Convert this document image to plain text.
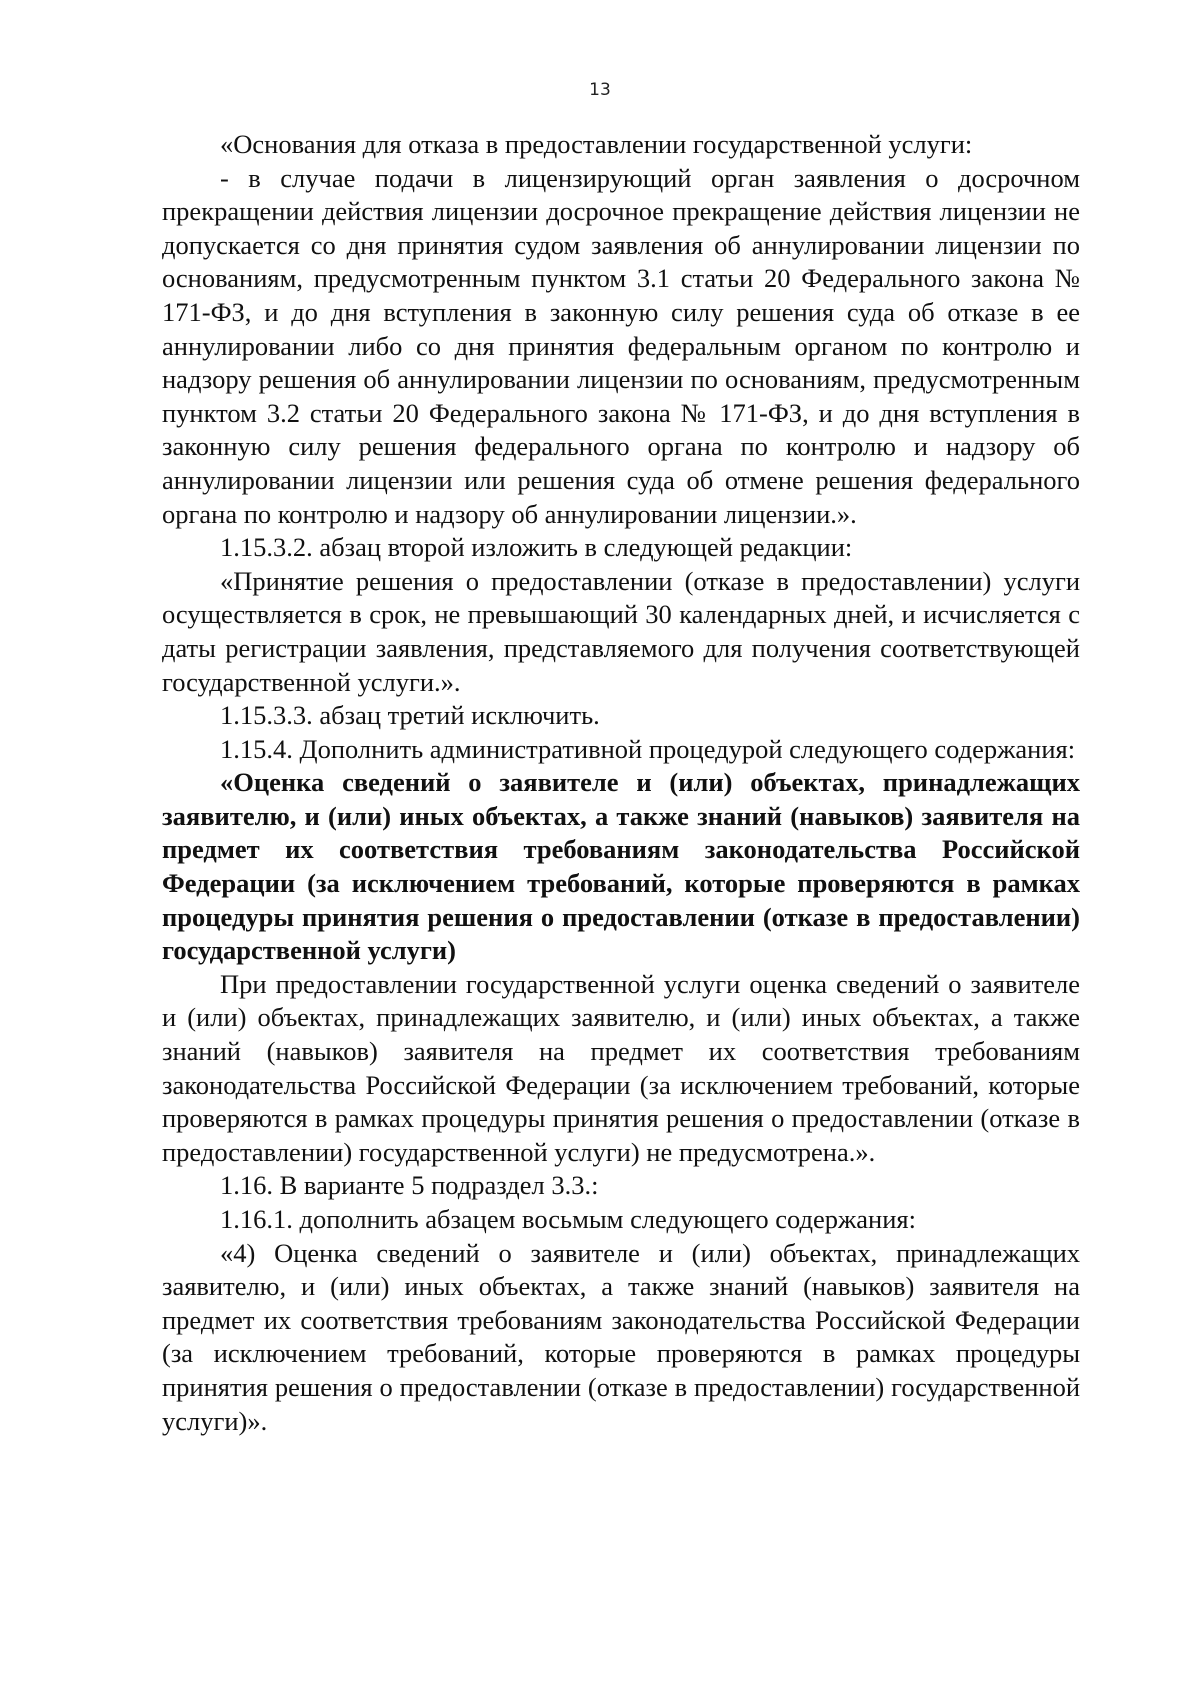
13

«Основания для отказа в предоставлении государственной услуги:

- в случае подачи в лицензирующий орган заявления о досрочном прекращении действия лицензии досрочное прекращение действия лицензии не допускается со дня принятия судом заявления об аннулировании лицензии по основаниям, предусмотренным пунктом 3.1 статьи 20 Федерального закона № 171-ФЗ, и до дня вступления в законную силу решения суда об отказе в ее аннулировании либо со дня принятия федеральным органом по контролю и надзору решения об аннулировании лицензии по основаниям, предусмотренным пунктом 3.2 статьи 20 Федерального закона № 171-ФЗ, и до дня вступления в законную силу решения федерального органа по контролю и надзору об аннулировании лицензии или решения суда об отмене решения федерального органа по контролю и надзору об аннулировании лицензии.».

1.15.3.2. абзац второй изложить в следующей редакции:

«Принятие решения о предоставлении (отказе в предоставлении) услуги осуществляется в срок, не превышающий 30 календарных дней, и исчисляется с даты регистрации заявления, представляемого для получения соответствующей государственной услуги.».

1.15.3.3. абзац третий исключить.

1.15.4. Дополнить административной процедурой следующего содержания:

«Оценка сведений о заявителе и (или) объектах, принадлежащих заявителю, и (или) иных объектах, а также знаний (навыков) заявителя на предмет их соответствия требованиям законодательства Российской Федерации (за исключением требований, которые проверяются в рамках процедуры принятия решения о предоставлении (отказе в предоставлении) государственной услуги)

При предоставлении государственной услуги оценка сведений о заявителе и (или) объектах, принадлежащих заявителю, и (или) иных объектах, а также знаний (навыков) заявителя на предмет их соответствия требованиям законодательства Российской Федерации (за исключением требований, которые проверяются в рамках процедуры принятия решения о предоставлении (отказе в предоставлении) государственной услуги) не предусмотрена.».

1.16. В варианте 5 подраздел 3.3.:

1.16.1. дополнить абзацем восьмым следующего содержания:

«4) Оценка сведений о заявителе и (или) объектах, принадлежащих заявителю, и (или) иных объектах, а также знаний (навыков) заявителя на предмет их соответствия требованиям законодательства Российской Федерации (за исключением требований, которые проверяются в рамках процедуры принятия решения о предоставлении (отказе в предоставлении) государственной услуги)».
